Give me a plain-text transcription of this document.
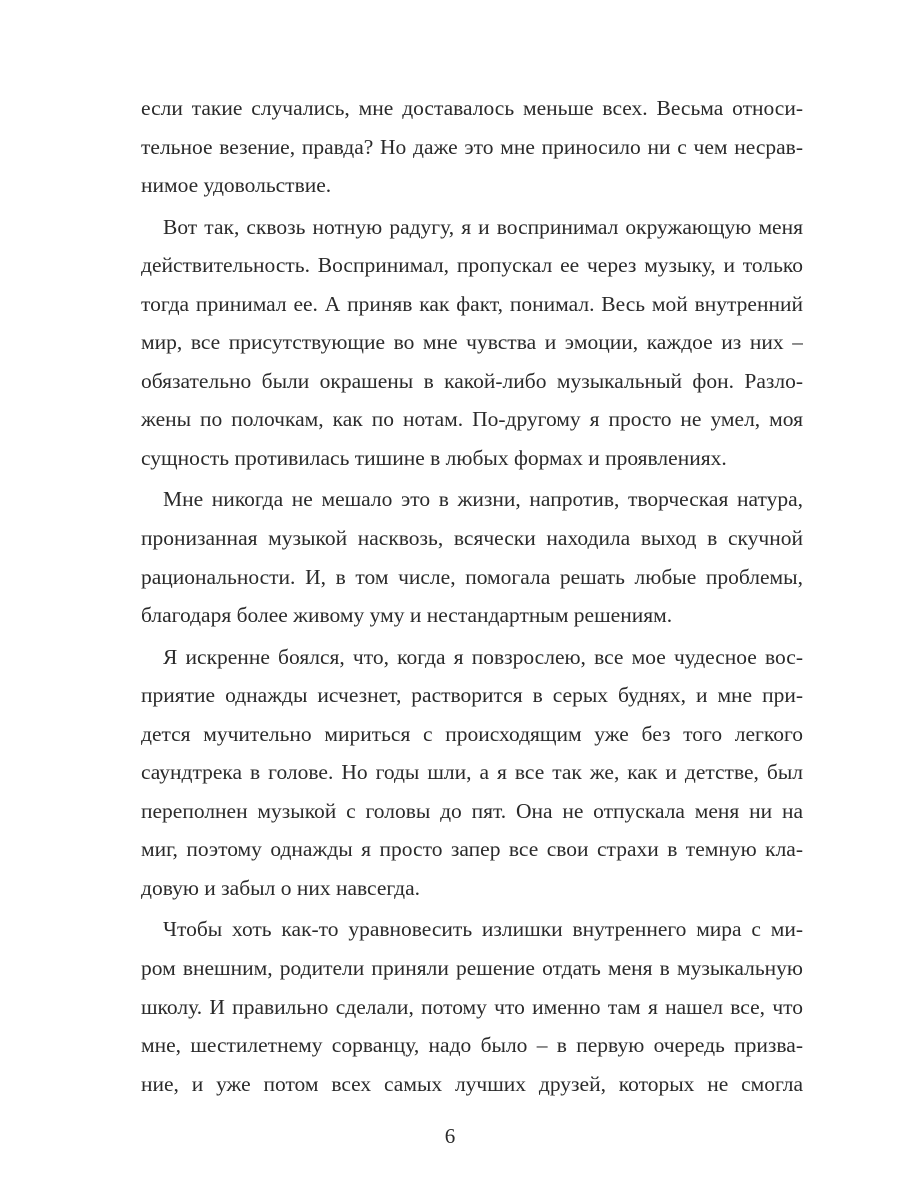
если такие случались, мне доставалось меньше всех. Весьма относи-
тельное везение, правда? Но даже это мне приносило ни с чем несрав-
нимое удовольствие.
Вот так, сквозь нотную радугу, я и воспринимал окружающую меня
действительность. Воспринимал, пропускал ее через музыку, и только
тогда принимал ее. А приняв как факт, понимал. Весь мой внутренний
мир, все присутствующие во мне чувства и эмоции, каждое из них –
обязательно были окрашены в какой-либо музыкальный фон. Разло-
жены по полочкам, как по нотам. По-другому я просто не умел, моя
сущность противилась тишине в любых формах и проявлениях.
Мне никогда не мешало это в жизни, напротив, творческая натура,
пронизанная музыкой насквозь, всячески находила выход в скучной
рациональности. И, в том числе, помогала решать любые проблемы,
благодаря более живому уму и нестандартным решениям.
Я искренне боялся, что, когда я повзрослею, все мое чудесное вос-
приятие однажды исчезнет, растворится в серых буднях, и мне при-
дется мучительно мириться с происходящим уже без того легкого
саундтрека в голове. Но годы шли, а я все так же, как и детстве, был
переполнен музыкой с головы до пят. Она не отпускала меня ни на
миг, поэтому однажды я просто запер все свои страхи в темную кла-
довую и забыл о них навсегда.
Чтобы хоть как-то уравновесить излишки внутреннего мира с ми-
ром внешним, родители приняли решение отдать меня в музыкальную
школу. И правильно сделали, потому что именно там я нашел все, что
мне, шестилетнему сорванцу, надо было – в первую очередь призва-
ние, и уже потом всех самых лучших друзей, которых не смогла
6
